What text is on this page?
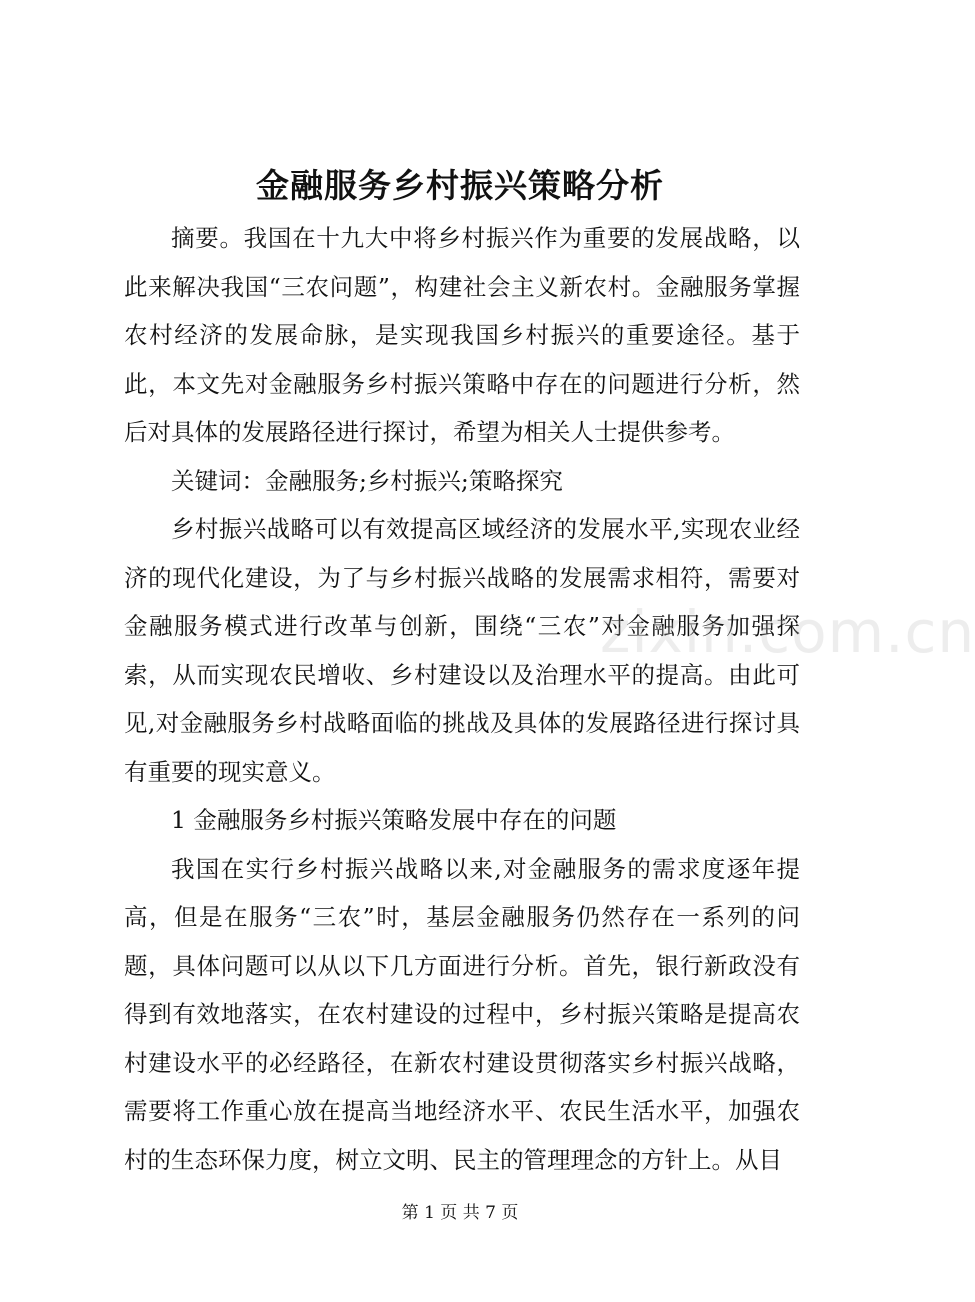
金融服务乡村振兴策略分析

摘要。我国在十九大中将乡村振兴作为重要的发展战略，以此来解决我国“三农问题”，构建社会主义新农村。金融服务掌握农村经济的发展命脉，是实现我国乡村振兴的重要途径。基于此，本文先对金融服务乡村振兴策略中存在的问题进行分析，然后对具体的发展路径进行探讨，希望为相关人士提供参考。

关键词：金融服务;乡村振兴;策略探究

乡村振兴战略可以有效提高区域经济的发展水平,实现农业经济的现代化建设，为了与乡村振兴战略的发展需求相符，需要对金融服务模式进行改革与创新，围绕“三农”对金融服务加强探索，从而实现农民增收、乡村建设以及治理水平的提高。由此可见,对金融服务乡村战略面临的挑战及具体的发展路径进行探讨具有重要的现实意义。

1 金融服务乡村振兴策略发展中存在的问题

我国在实行乡村振兴战略以来,对金融服务的需求度逐年提高，但是在服务“三农”时，基层金融服务仍然存在一系列的问题，具体问题可以从以下几方面进行分析。首先，银行新政没有得到有效地落实，在农村建设的过程中，乡村振兴策略是提高农村建设水平的必经路径，在新农村建设贯彻落实乡村振兴战略，需要将工作重心放在提高当地经济水平、农民生活水平，加强农村的生态环保力度，树立文明、民主的管理理念的方针上。从目

zixin.com.cn
第 1 页 共 7 页
